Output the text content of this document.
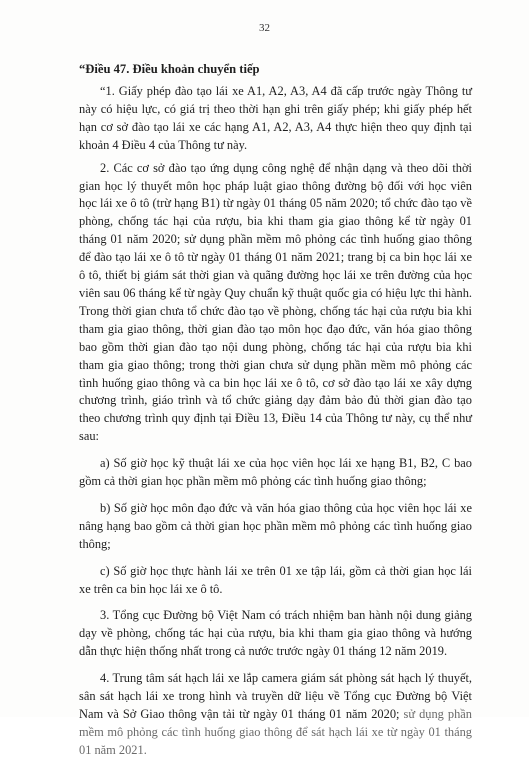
32
“Điều 47. Điều khoản chuyển tiếp

“1. Giấy phép đào tạo lái xe A1, A2, A3, A4 đã cấp trước ngày Thông tư này có hiệu lực, có giá trị theo thời hạn ghi trên giấy phép; khi giấy phép hết hạn cơ sở đào tạo lái xe các hạng A1, A2, A3, A4 thực hiện theo quy định tại khoản 4 Điều 4 của Thông tư này.

2. Các cơ sở đào tạo ứng dụng công nghệ để nhận dạng và theo dõi thời gian học lý thuyết môn học pháp luật giao thông đường bộ đối với học viên học lái xe ô tô (trừ hạng B1) từ ngày 01 tháng 05 năm 2020; tổ chức đào tạo về phòng, chống tác hại của rượu, bia khi tham gia giao thông kể từ ngày 01 tháng 01 năm 2020; sử dụng phần mềm mô phỏng các tình huống giao thông để đào tạo lái xe ô tô từ ngày 01 tháng 01 năm 2021; trang bị ca bin học lái xe ô tô, thiết bị giám sát thời gian và quãng đường học lái xe trên đường của học viên sau 06 tháng kể từ ngày Quy chuẩn kỹ thuật quốc gia có hiệu lực thi hành. Trong thời gian chưa tổ chức đào tạo về phòng, chống tác hại của rượu bia khi tham gia giao thông, thời gian đào tạo môn học đạo đức, văn hóa giao thông bao gồm thời gian đào tạo nội dung phòng, chống tác hại của rượu bia khi tham gia giao thông; trong thời gian chưa sử dụng phần mềm mô phỏng các tình huống giao thông và ca bin học lái xe ô tô, cơ sở đào tạo lái xe xây dựng chương trình, giáo trình và tổ chức giảng dạy đảm bảo đủ thời gian đào tạo theo chương trình quy định tại Điều 13, Điều 14 của Thông tư này, cụ thể như sau:

a) Số giờ học kỹ thuật lái xe của học viên học lái xe hạng B1, B2, C bao gồm cả thời gian học phần mềm mô phỏng các tình huống giao thông;

b) Số giờ học môn đạo đức và văn hóa giao thông của học viên học lái xe nâng hạng bao gồm cả thời gian học phần mềm mô phỏng các tình huống giao thông;

c) Số giờ học thực hành lái xe trên 01 xe tập lái, gồm cả thời gian học lái xe trên ca bin học lái xe ô tô.

3. Tổng cục Đường bộ Việt Nam có trách nhiệm ban hành nội dung giảng dạy về phòng, chống tác hại của rượu, bia khi tham gia giao thông và hướng dẫn thực hiện thống nhất trong cả nước trước ngày 01 tháng 12 năm 2019.

4. Trung tâm sát hạch lái xe lắp camera giám sát phòng sát hạch lý thuyết, sân sát hạch lái xe trong hình và truyền dữ liệu về Tổng cục Đường bộ Việt Nam và Sở Giao thông vận tải từ ngày 01 tháng 01 năm 2020; sử dụng phần mềm mô phỏng các tình huống giao thông để sát hạch lái xe từ ngày 01 tháng 01 năm 2021.
